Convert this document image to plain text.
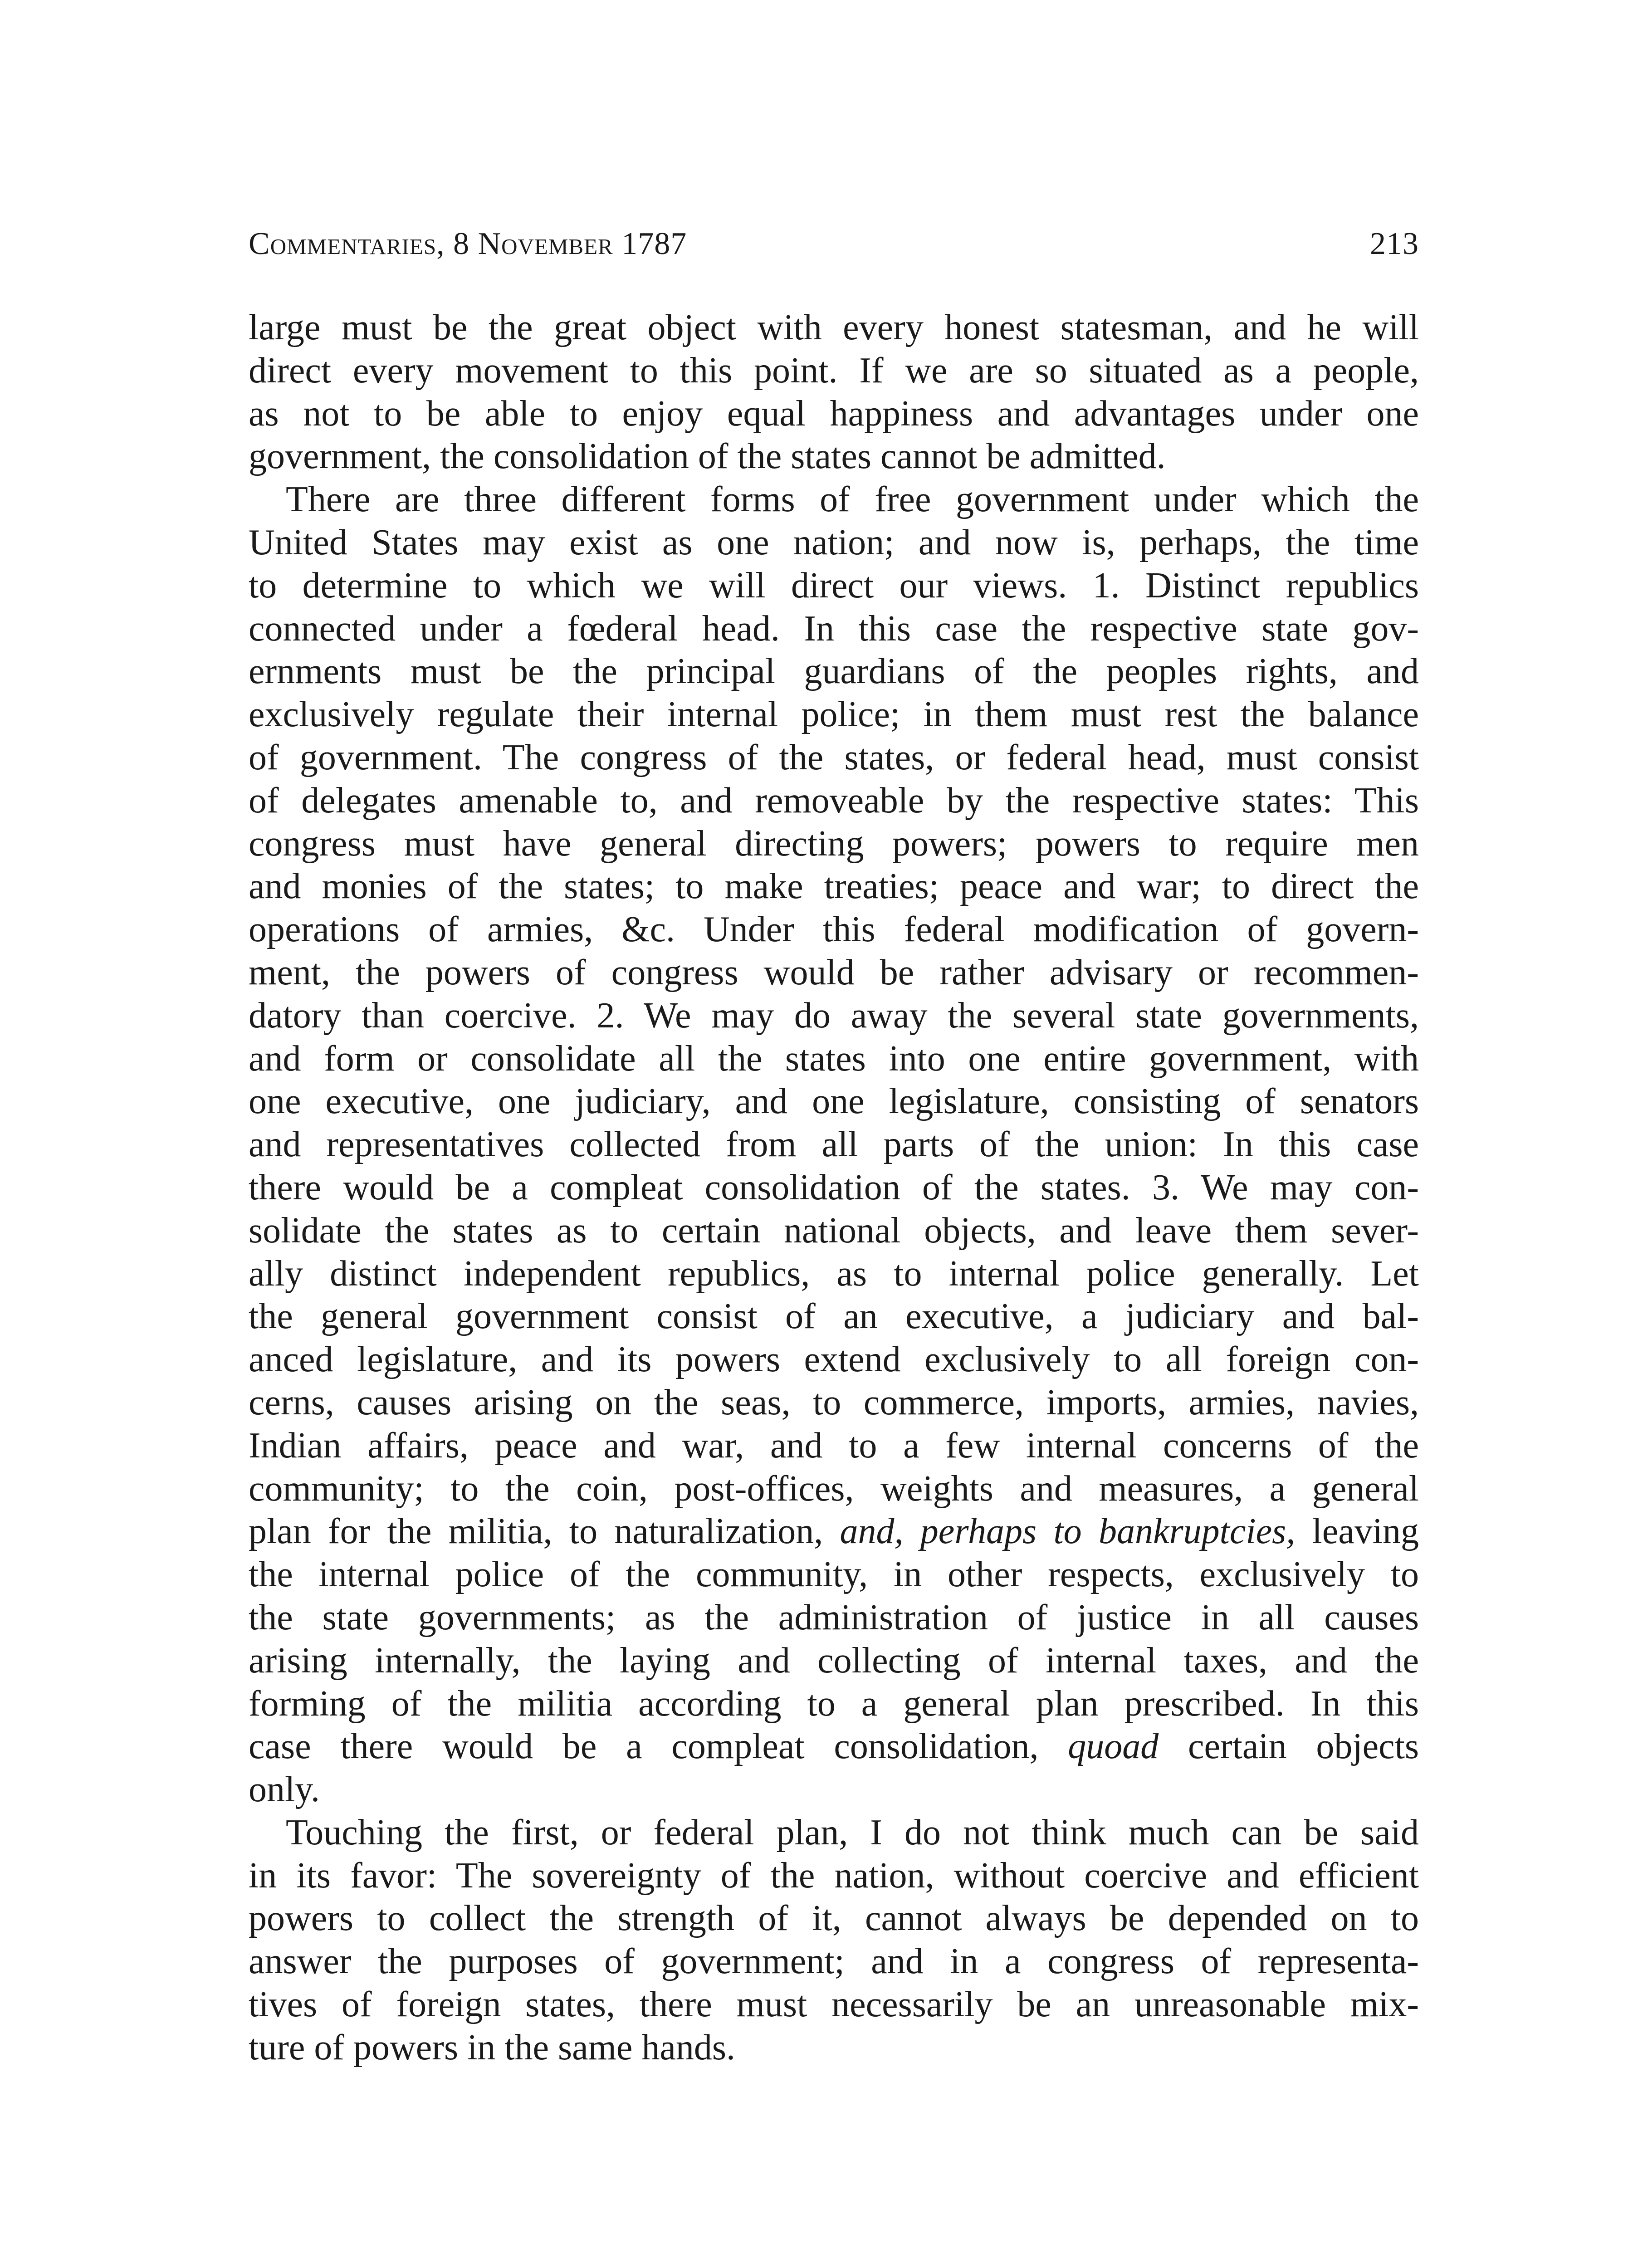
Commentaries, 8 November 1787	213
large must be the great object with every honest statesman, and he will
direct every movement to this point. If we are so situated as a people,
as not to be able to enjoy equal happiness and advantages under one
government, the consolidation of the states cannot be admitted.
There are three different forms of free government under which the
United States may exist as one nation; and now is, perhaps, the time
to determine to which we will direct our views. 1. Distinct republics
connected under a fœderal head. In this case the respective state gov-
ernments must be the principal guardians of the peoples rights, and
exclusively regulate their internal police; in them must rest the balance
of government. The congress of the states, or federal head, must consist
of delegates amenable to, and removeable by the respective states: This
congress must have general directing powers; powers to require men
and monies of the states; to make treaties; peace and war; to direct the
operations of armies, &c. Under this federal modification of govern-
ment, the powers of congress would be rather advisary or recommen-
datory than coercive. 2. We may do away the several state governments,
and form or consolidate all the states into one entire government, with
one executive, one judiciary, and one legislature, consisting of senators
and representatives collected from all parts of the union: In this case
there would be a compleat consolidation of the states. 3. We may con-
solidate the states as to certain national objects, and leave them sever-
ally distinct independent republics, as to internal police generally. Let
the general government consist of an executive, a judiciary and bal-
anced legislature, and its powers extend exclusively to all foreign con-
cerns, causes arising on the seas, to commerce, imports, armies, navies,
Indian affairs, peace and war, and to a few internal concerns of the
community; to the coin, post-offices, weights and measures, a general
plan for the militia, to naturalization, and, perhaps to bankruptcies, leaving
the internal police of the community, in other respects, exclusively to
the state governments; as the administration of justice in all causes
arising internally, the laying and collecting of internal taxes, and the
forming of the militia according to a general plan prescribed. In this
case there would be a compleat consolidation, quoad certain objects
only.
Touching the first, or federal plan, I do not think much can be said
in its favor: The sovereignty of the nation, without coercive and efficient
powers to collect the strength of it, cannot always be depended on to
answer the purposes of government; and in a congress of representa-
tives of foreign states, there must necessarily be an unreasonable mix-
ture of powers in the same hands.
